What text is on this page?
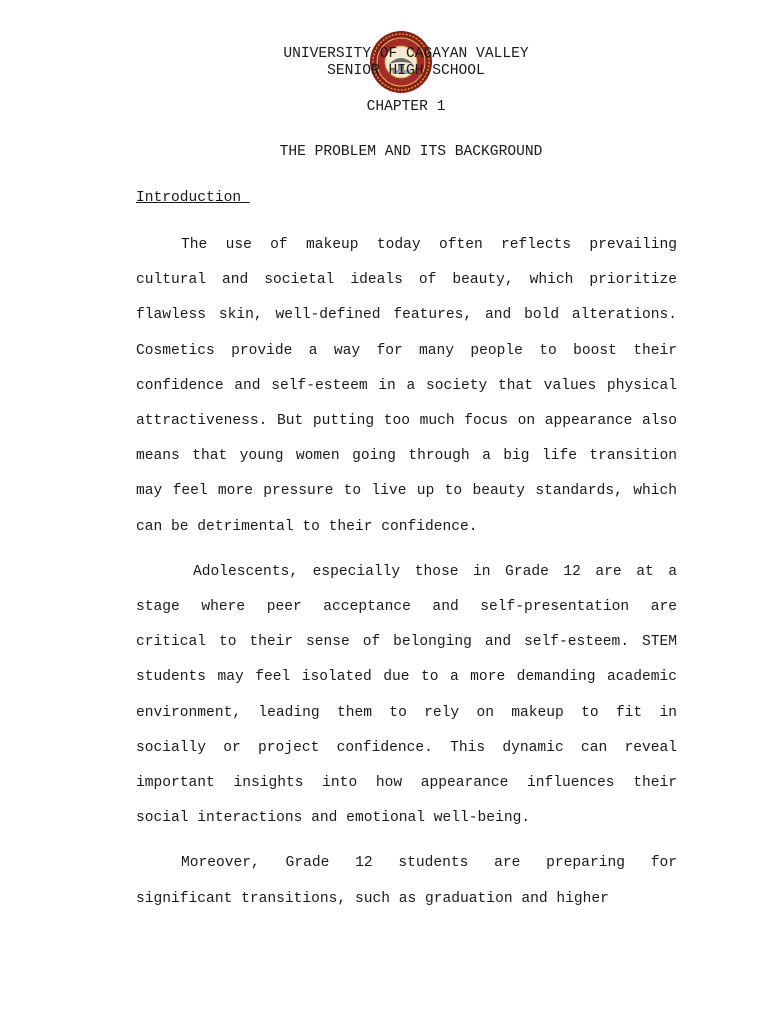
UNIVERSITY OF CAGAYAN VALLEY
SENIOR HIGH SCHOOL
CHAPTER 1
THE PROBLEM AND ITS BACKGROUND
Introduction

The use of makeup today often reflects prevailing cultural and societal ideals of beauty, which prioritize flawless skin, well-defined features, and bold alterations. Cosmetics provide a way for many people to boost their confidence and self-esteem in a society that values physical attractiveness. But putting too much focus on appearance also means that young women going through a big life transition may feel more pressure to live up to beauty standards, which can be detrimental to their confidence.

Adolescents, especially those in Grade 12 are at a stage where peer acceptance and self-presentation are critical to their sense of belonging and self-esteem. STEM students may feel isolated due to a more demanding academic environment, leading them to rely on makeup to fit in socially or project confidence. This dynamic can reveal important insights into how appearance influences their social interactions and emotional well-being.

Moreover, Grade 12 students are preparing for significant transitions, such as graduation and higher
